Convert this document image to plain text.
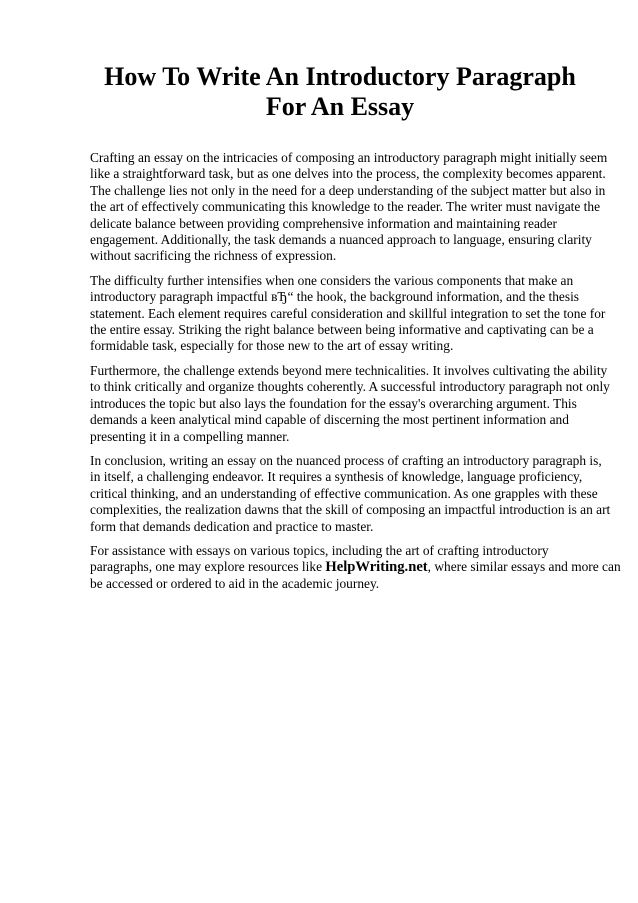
How To Write An Introductory Paragraph
For An Essay

Crafting an essay on the intricacies of composing an introductory paragraph might initially seem
like a straightforward task, but as one delves into the process, the complexity becomes apparent.
The challenge lies not only in the need for a deep understanding of the subject matter but also in
the art of effectively communicating this knowledge to the reader. The writer must navigate the
delicate balance between providing comprehensive information and maintaining reader
engagement. Additionally, the task demands a nuanced approach to language, ensuring clarity
without sacrificing the richness of expression.

The difficulty further intensifies when one considers the various components that make an
introductory paragraph impactful вЂ“ the hook, the background information, and the thesis
statement. Each element requires careful consideration and skillful integration to set the tone for
the entire essay. Striking the right balance between being informative and captivating can be a
formidable task, especially for those new to the art of essay writing.

Furthermore, the challenge extends beyond mere technicalities. It involves cultivating the ability
to think critically and organize thoughts coherently. A successful introductory paragraph not only
introduces the topic but also lays the foundation for the essay's overarching argument. This
demands a keen analytical mind capable of discerning the most pertinent information and
presenting it in a compelling manner.

In conclusion, writing an essay on the nuanced process of crafting an introductory paragraph is,
in itself, a challenging endeavor. It requires a synthesis of knowledge, language proficiency,
critical thinking, and an understanding of effective communication. As one grapples with these
complexities, the realization dawns that the skill of composing an impactful introduction is an art
form that demands dedication and practice to master.

For assistance with essays on various topics, including the art of crafting introductory
paragraphs, one may explore resources like HelpWriting.net, where similar essays and more can
be accessed or ordered to aid in the academic journey.
